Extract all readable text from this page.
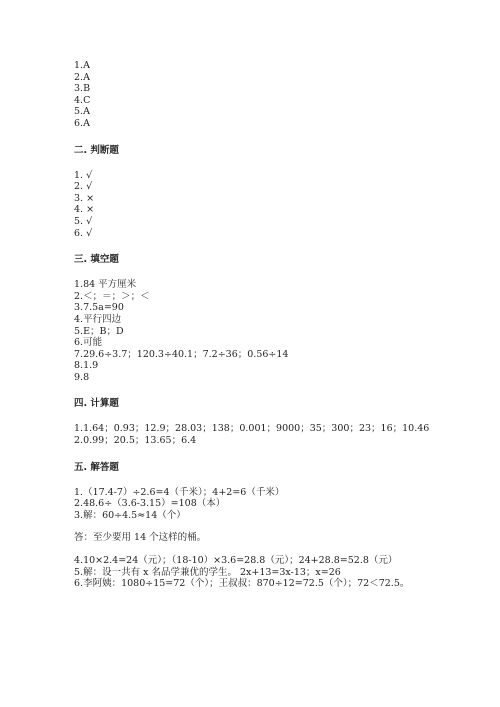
1.A
2.A
3.B
4.C
5.A
6.A
二. 判断题
1. √
2. √
3. ×
4. ×
5. √
6. √
三. 填空题
1.84 平方厘米
2.＜；＝；＞；＜
3.7.5a=90
4.平行四边
5.E；B；D
6.可能
7.29.6÷3.7；120.3÷40.1；7.2÷36；0.56÷14
8.1.9
9.8
四. 计算题
1.1.64；0.93；12.9；28.03；138；0.001；9000；35；300；23；16；10.46
2.0.99；20.5；13.65；6.4
五. 解答题
1.（17.4-7）÷2.6=4（千米）；4+2=6（千米）
2.48.6÷（3.6-3.15）=108（本）
3.解：60÷4.5≈14（个）
答：至少要用 14 个这样的桶。
4.10×2.4=24（元）；（18-10）×3.6=28.8（元）；24+28.8=52.8（元）
5.解：设一共有 x 名品学兼优的学生。 2x+13=3x-13；x=26
6.李阿姨：1080÷15=72（个）；王叔叔：870÷12=72.5（个）；72＜72.5。
